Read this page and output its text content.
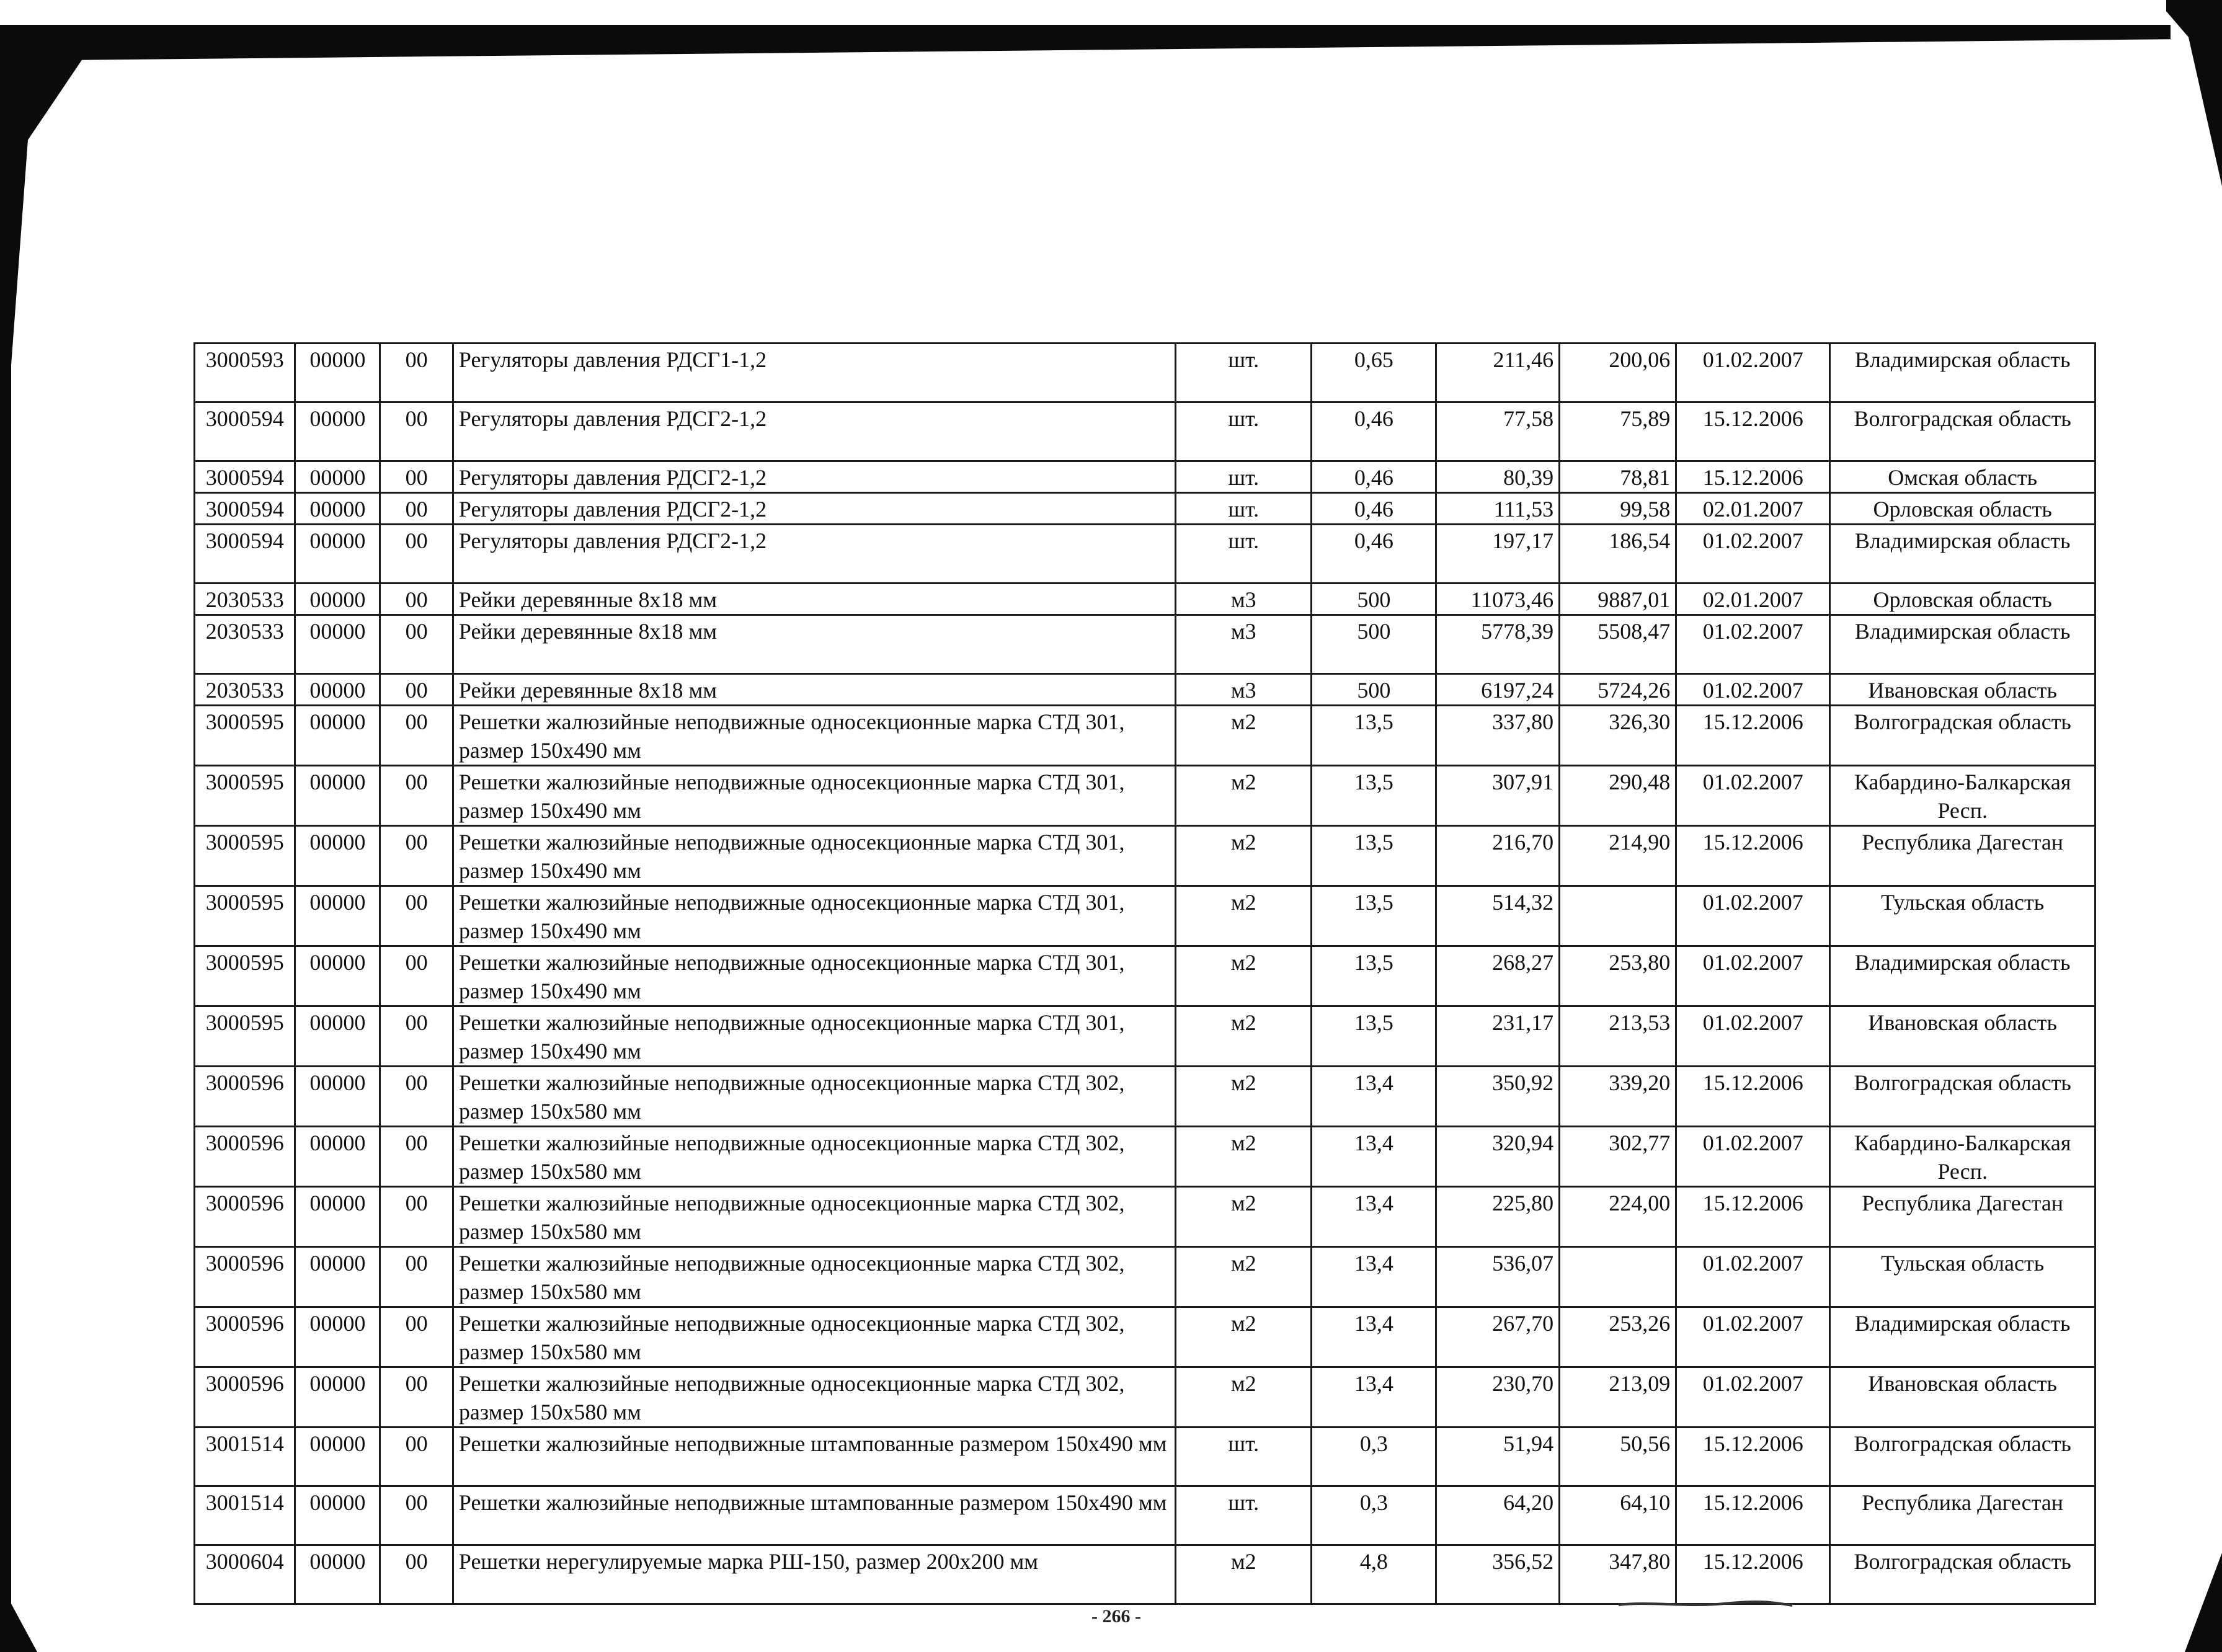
3000593	00000	00	Регуляторы давления РДСГ1-1,2	шт.	0,65	211,46	200,06	01.02.2007	Владимирская область
3000594	00000	00	Регуляторы давления РДСГ2-1,2	шт.	0,46	77,58	75,89	15.12.2006	Волгоградская область
3000594	00000	00	Регуляторы давления РДСГ2-1,2	шт.	0,46	80,39	78,81	15.12.2006	Омская область
3000594	00000	00	Регуляторы давления РДСГ2-1,2	шт.	0,46	111,53	99,58	02.01.2007	Орловская область
3000594	00000	00	Регуляторы давления РДСГ2-1,2	шт.	0,46	197,17	186,54	01.02.2007	Владимирская область
2030533	00000	00	Рейки деревянные 8x18 мм	м3	500	11073,46	9887,01	02.01.2007	Орловская область
2030533	00000	00	Рейки деревянные 8x18 мм	м3	500	5778,39	5508,47	01.02.2007	Владимирская область
2030533	00000	00	Рейки деревянные 8x18 мм	м3	500	6197,24	5724,26	01.02.2007	Ивановская область
3000595	00000	00	Решетки жалюзийные неподвижные односекционные марка СТД 301, размер 150x490 мм	м2	13,5	337,80	326,30	15.12.2006	Волгоградская область
3000595	00000	00	Решетки жалюзийные неподвижные односекционные марка СТД 301, размер 150x490 мм	м2	13,5	307,91	290,48	01.02.2007	Кабардино-Балкарская Респ.
3000595	00000	00	Решетки жалюзийные неподвижные односекционные марка СТД 301, размер 150x490 мм	м2	13,5	216,70	214,90	15.12.2006	Республика Дагестан
3000595	00000	00	Решетки жалюзийные неподвижные односекционные марка СТД 301, размер 150x490 мм	м2	13,5	514,32		01.02.2007	Тульская область
3000595	00000	00	Решетки жалюзийные неподвижные односекционные марка СТД 301, размер 150x490 мм	м2	13,5	268,27	253,80	01.02.2007	Владимирская область
3000595	00000	00	Решетки жалюзийные неподвижные односекционные марка СТД 301, размер 150x490 мм	м2	13,5	231,17	213,53	01.02.2007	Ивановская область
3000596	00000	00	Решетки жалюзийные неподвижные односекционные марка СТД 302, размер 150x580 мм	м2	13,4	350,92	339,20	15.12.2006	Волгоградская область
3000596	00000	00	Решетки жалюзийные неподвижные односекционные марка СТД 302, размер 150x580 мм	м2	13,4	320,94	302,77	01.02.2007	Кабардино-Балкарская Респ.
3000596	00000	00	Решетки жалюзийные неподвижные односекционные марка СТД 302, размер 150x580 мм	м2	13,4	225,80	224,00	15.12.2006	Республика Дагестан
3000596	00000	00	Решетки жалюзийные неподвижные односекционные марка СТД 302, размер 150x580 мм	м2	13,4	536,07		01.02.2007	Тульская область
3000596	00000	00	Решетки жалюзийные неподвижные односекционные марка СТД 302, размер 150x580 мм	м2	13,4	267,70	253,26	01.02.2007	Владимирская область
3000596	00000	00	Решетки жалюзийные неподвижные односекционные марка СТД 302, размер 150x580 мм	м2	13,4	230,70	213,09	01.02.2007	Ивановская область
3001514	00000	00	Решетки жалюзийные неподвижные штампованные размером 150x490 мм	шт.	0,3	51,94	50,56	15.12.2006	Волгоградская область
3001514	00000	00	Решетки жалюзийные неподвижные штампованные размером 150x490 мм	шт.	0,3	64,20	64,10	15.12.2006	Республика Дагестан
3000604	00000	00	Решетки нерегулируемые марка РШ-150, размер 200x200 мм	м2	4,8	356,52	347,80	15.12.2006	Волгоградская область
- 266 -
